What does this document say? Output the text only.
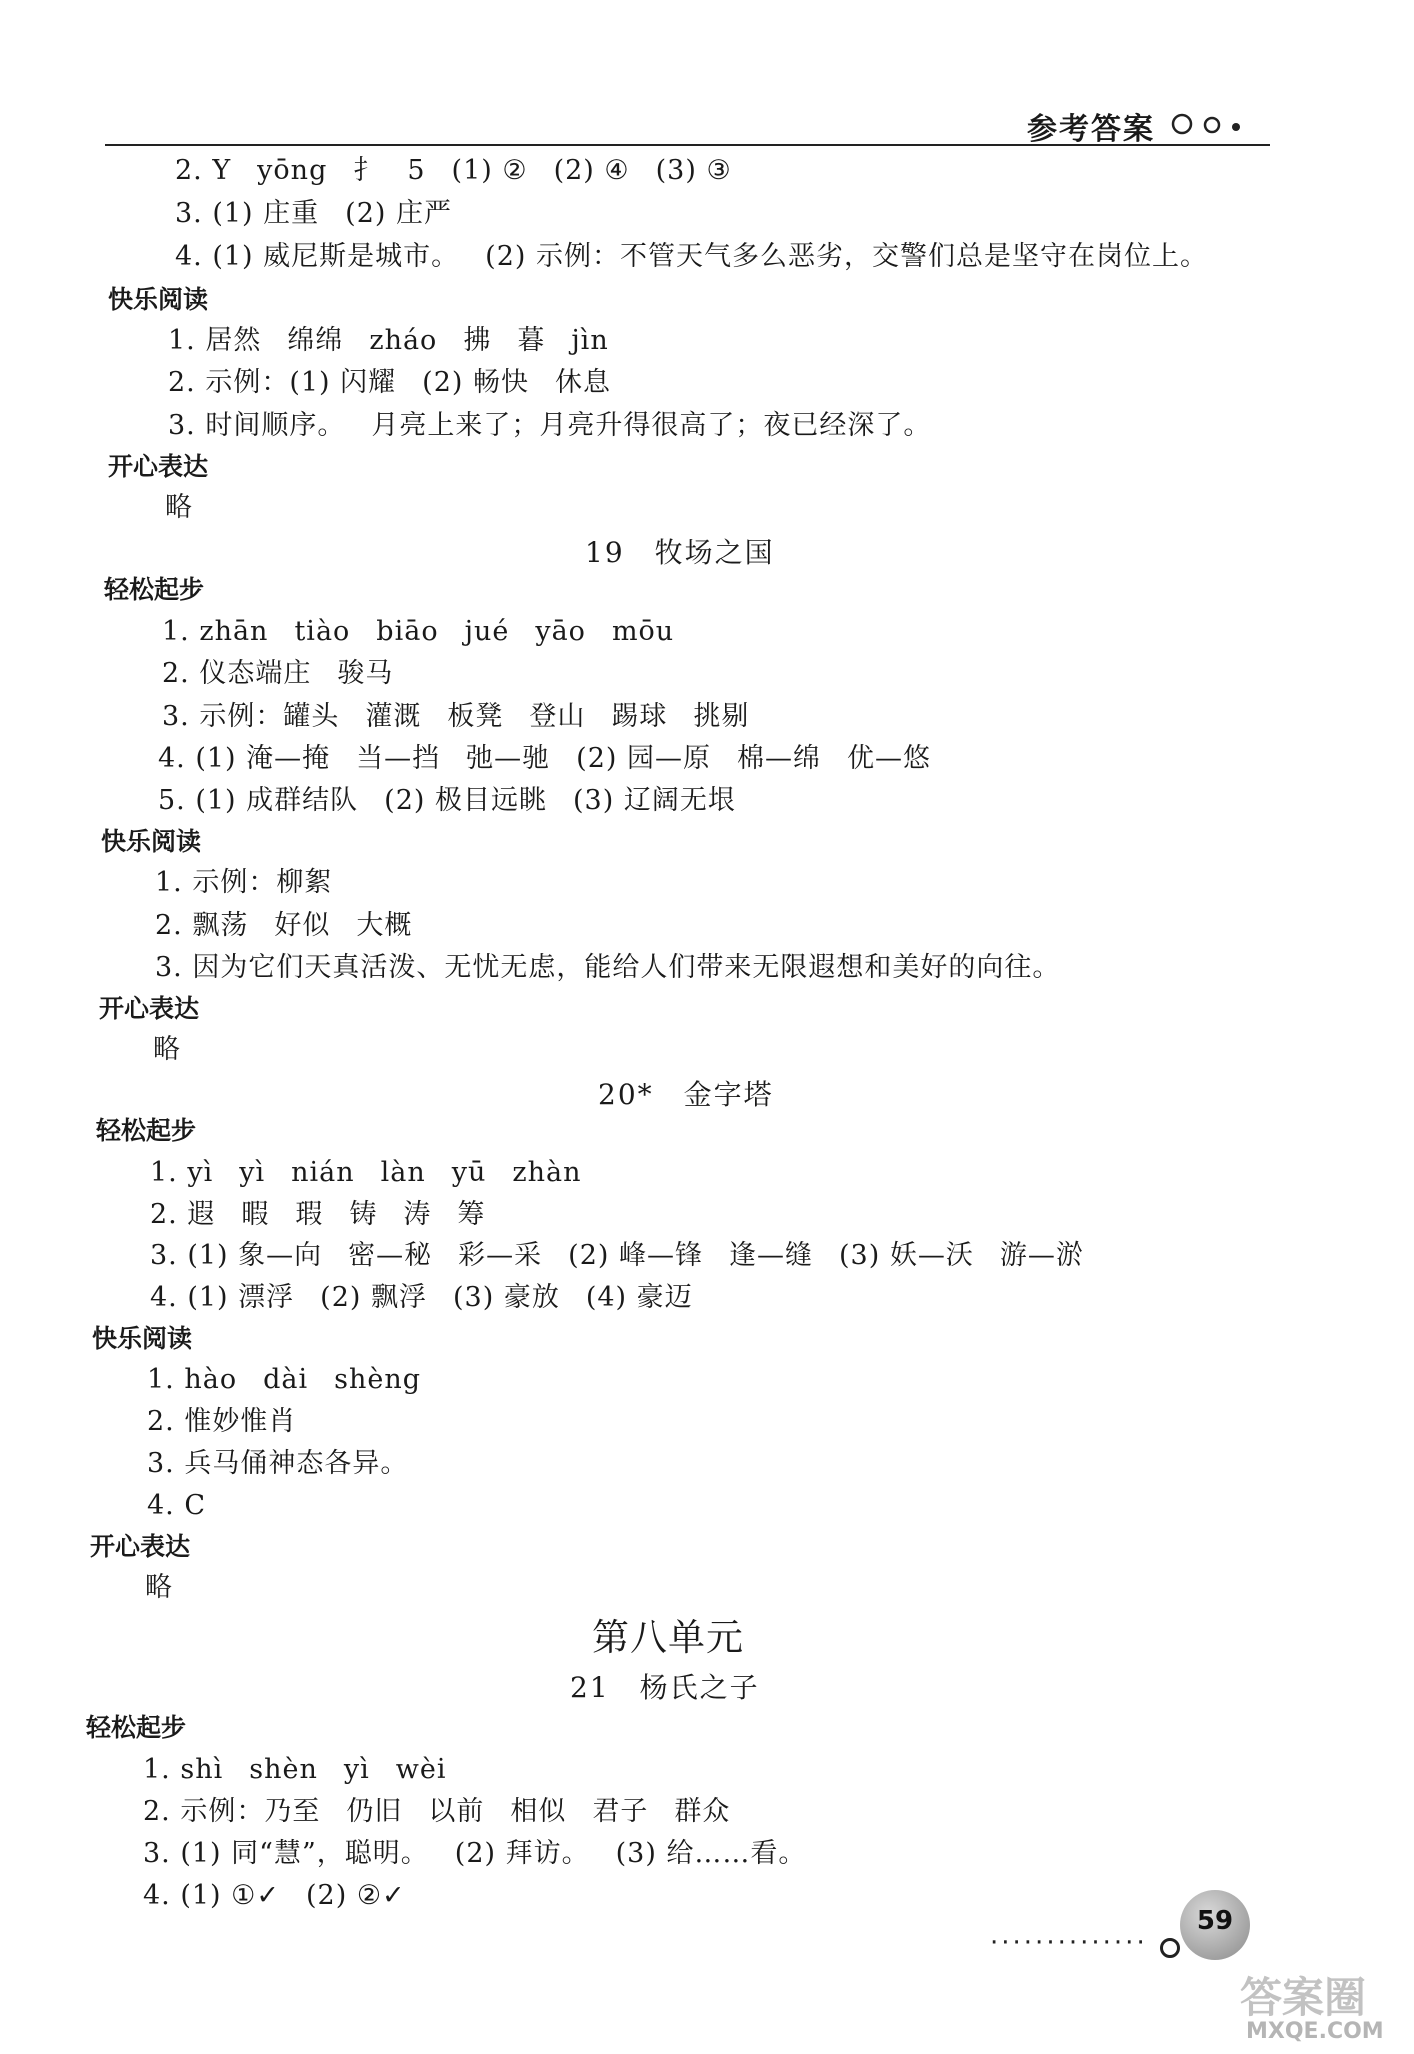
参考答案
2. Y yōng 扌 5 (1) ② (2) ④ (3) ③
3. (1) 庄重 (2) 庄严
4. (1) 威尼斯是城市。 (2) 示例：不管天气多么恶劣，交警们总是坚守在岗位上。
快乐阅读
1. 居然 绵绵 zháo 拂 暮 jìn
2. 示例：(1) 闪耀 (2) 畅快 休息
3. 时间顺序。 月亮上来了；月亮升得很高了；夜已经深了。
开心表达
略
19　牧场之国
轻松起步
1. zhān tiào biāo jué yāo mōu
2. 仪态端庄 骏马
3. 示例：罐头 灌溉 板凳 登山 踢球 挑剔
4. (1) 淹—掩 当—挡 弛—驰 (2) 园—原 棉—绵 优—悠
5. (1) 成群结队 (2) 极目远眺 (3) 辽阔无垠
快乐阅读
1. 示例：柳絮
2. 飘荡 好似 大概
3. 因为它们天真活泼、无忧无虑，能给人们带来无限遐想和美好的向往。
开心表达
略
20*　金字塔
轻松起步
1. yì yì nián làn yū zhàn
2. 遐 暇 瑕 铸 涛 筹
3. (1) 象—向 密—秘 彩—采 (2) 峰—锋 逢—缝 (3) 妖—沃 游—淤
4. (1) 漂浮 (2) 飘浮 (3) 豪放 (4) 豪迈
快乐阅读
1. hào dài shèng
2. 惟妙惟肖
3. 兵马俑神态各异。
4. C
开心表达
略
第八单元
21　杨氏之子
轻松起步
1. shì shèn yì wèi
2. 示例：乃至 仍旧 以前 相似 君子 群众
3. (1) 同“慧”，聪明。 (2) 拜访。 (3) 给……看。
4. (1) ①✓ (2) ②✓
··············
59
答案圈
MXQE.COM
